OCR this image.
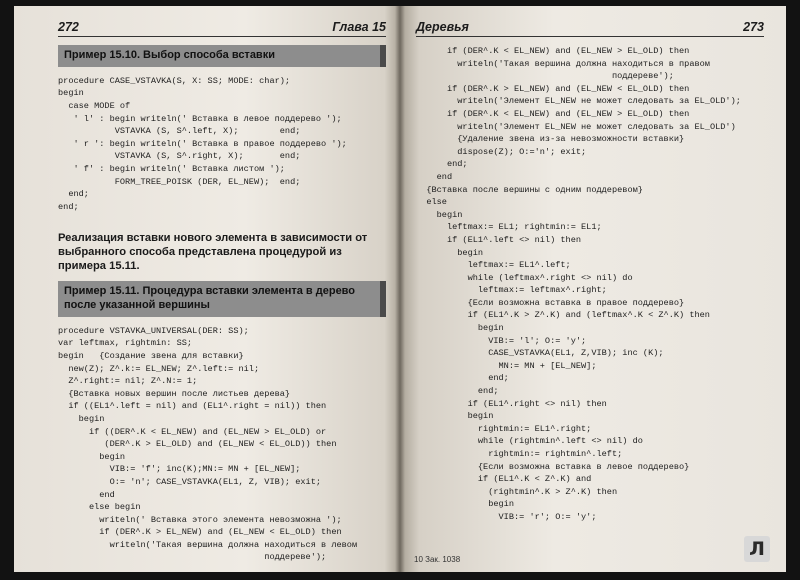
272	Глава 15
Пример 15.10. Выбор способа вставки
procedure CASE_VSTAVKA(S, X: SS; MODE: char);
begin
case MODE of
' l' : begin writeln(' Вставка в левое поддерево ');
VSTAVKA (S, S^.left, X);        end;
' r ': begin writeln(' Вставка в правое поддерево ');
VSTAVKA (S, S^.right, X);       end;
' f' : begin writeln(' Вставка листом ');
FORM_TREE_POISK (DER, EL_NEW);  end;
end;
end;
Реализация вставки нового элемента в зависимости от выбранного способа представлена процедурой из примера 15.11.
Пример 15.11. Процедура вставки элемента в дерево после указанной вершины
procedure VSTAVKA_UNIVERSAL(DER: SS);
var leftmax, rightmin: SS;
begin   {Создание звена для вставки}
new(Z); Z^.k:= EL_NEW; Z^.left:= nil;
Z^.right:= nil; Z^.N:= 1;
{Вставка новых вершин после листьев дерева}
if ((EL1^.left = nil) and (EL1^.right = nil)) then
begin
if ((DER^.K < EL_NEW) and (EL_NEW > EL_OLD) or
(DER^.K > EL_OLD) and (EL_NEW < EL_OLD)) then
begin
VIB:= 'f'; inc(K);MN:= MN + [EL_NEW];
O:= 'n'; CASE_VSTAVKA(EL1, Z, VIB); exit;
end
else begin
writeln(' Вставка этого элемента невозможна ');
if (DER^.K > EL_NEW) and (EL_NEW < EL_OLD) then
writeln('Такая вершина должна находиться в левом
поддереве');
Деревья	273
if (DER^.K < EL_NEW) and (EL_NEW > EL_OLD) then
writeln('Такая вершина должна находиться в правом
поддереве');
if (DER^.K > EL_NEW) and (EL_NEW < EL_OLD) then
writeln('Элемент EL_NEW не может следовать за EL_OLD');
if (DER^.K < EL_NEW) and (EL_NEW > EL_OLD) then
writeln('Элемент EL_NEW не может следовать за EL_OLD')
{Удаление звена из-за невозможности вставки}
dispose(Z); O:='n'; exit;
end;
end
{Вставка после вершины с одним поддеревом}
else
begin
leftmax:= EL1; rightmin:= EL1;
if (EL1^.left <> nil) then
begin
leftmax:= EL1^.left;
while (leftmax^.right <> nil) do
leftmax:= leftmax^.right;
{Если возможна вставка в правое поддерево}
if (EL1^.K > Z^.K) and (leftmax^.K < Z^.K) then
begin
VIB:= 'l'; O:= 'y';
CASE_VSTAVKA(EL1, Z,VIB); inc (K);
MN:= MN + [EL_NEW];
end;
end;
if (EL1^.right <> nil) then
begin
rightmin:= EL1^.right;
while (rightmin^.left <> nil) do
rightmin:= rightmin^.left;
{Если возможна вставка в левое поддерево}
if (EL1^.K < Z^.K) and
(rightmin^.K > Z^.K) then
begin
VIB:= 'r'; O:= 'y';
10 Зак. 1038	Л
